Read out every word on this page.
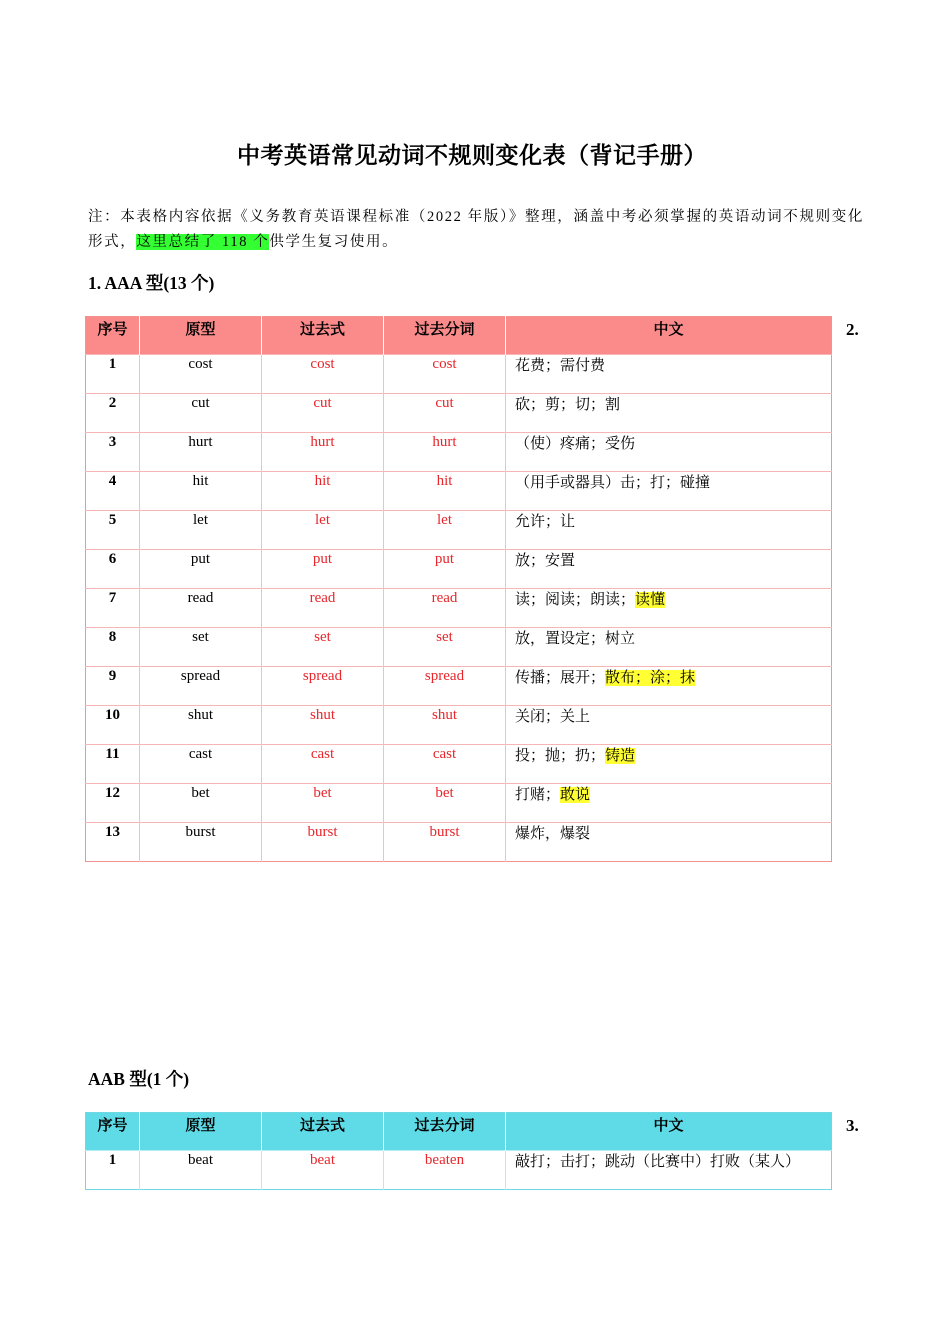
中考英语常见动词不规则变化表（背记手册）
注：本表格内容依据《义务教育英语课程标准（2022 年版）》整理，涵盖中考必须掌握的英语动词不规则变化形式，这里总结了 118 个供学生复习使用。
1. AAA 型(13 个)
2.
序号	原型	过去式	过去分词	中文
1	cost	cost	cost	花费；需付费
2	cut	cut	cut	砍；剪；切；割
3	hurt	hurt	hurt	（使）疼痛；受伤
4	hit	hit	hit	（用手或器具）击；打；碰撞
5	let	let	let	允许；让
6	put	put	put	放；安置
7	read	read	read	读；阅读；朗读；读懂
8	set	set	set	放，置设定；树立
9	spread	spread	spread	传播；展开；散布；涂；抹
10	shut	shut	shut	关闭；关上
11	cast	cast	cast	投；抛；扔；铸造
12	bet	bet	bet	打赌；敢说
13	burst	burst	burst	爆炸，爆裂
AAB 型(1 个)
3.
序号	原型	过去式	过去分词	中文
1	beat	beat	beaten	敲打；击打；跳动（比赛中）打败（某人）
